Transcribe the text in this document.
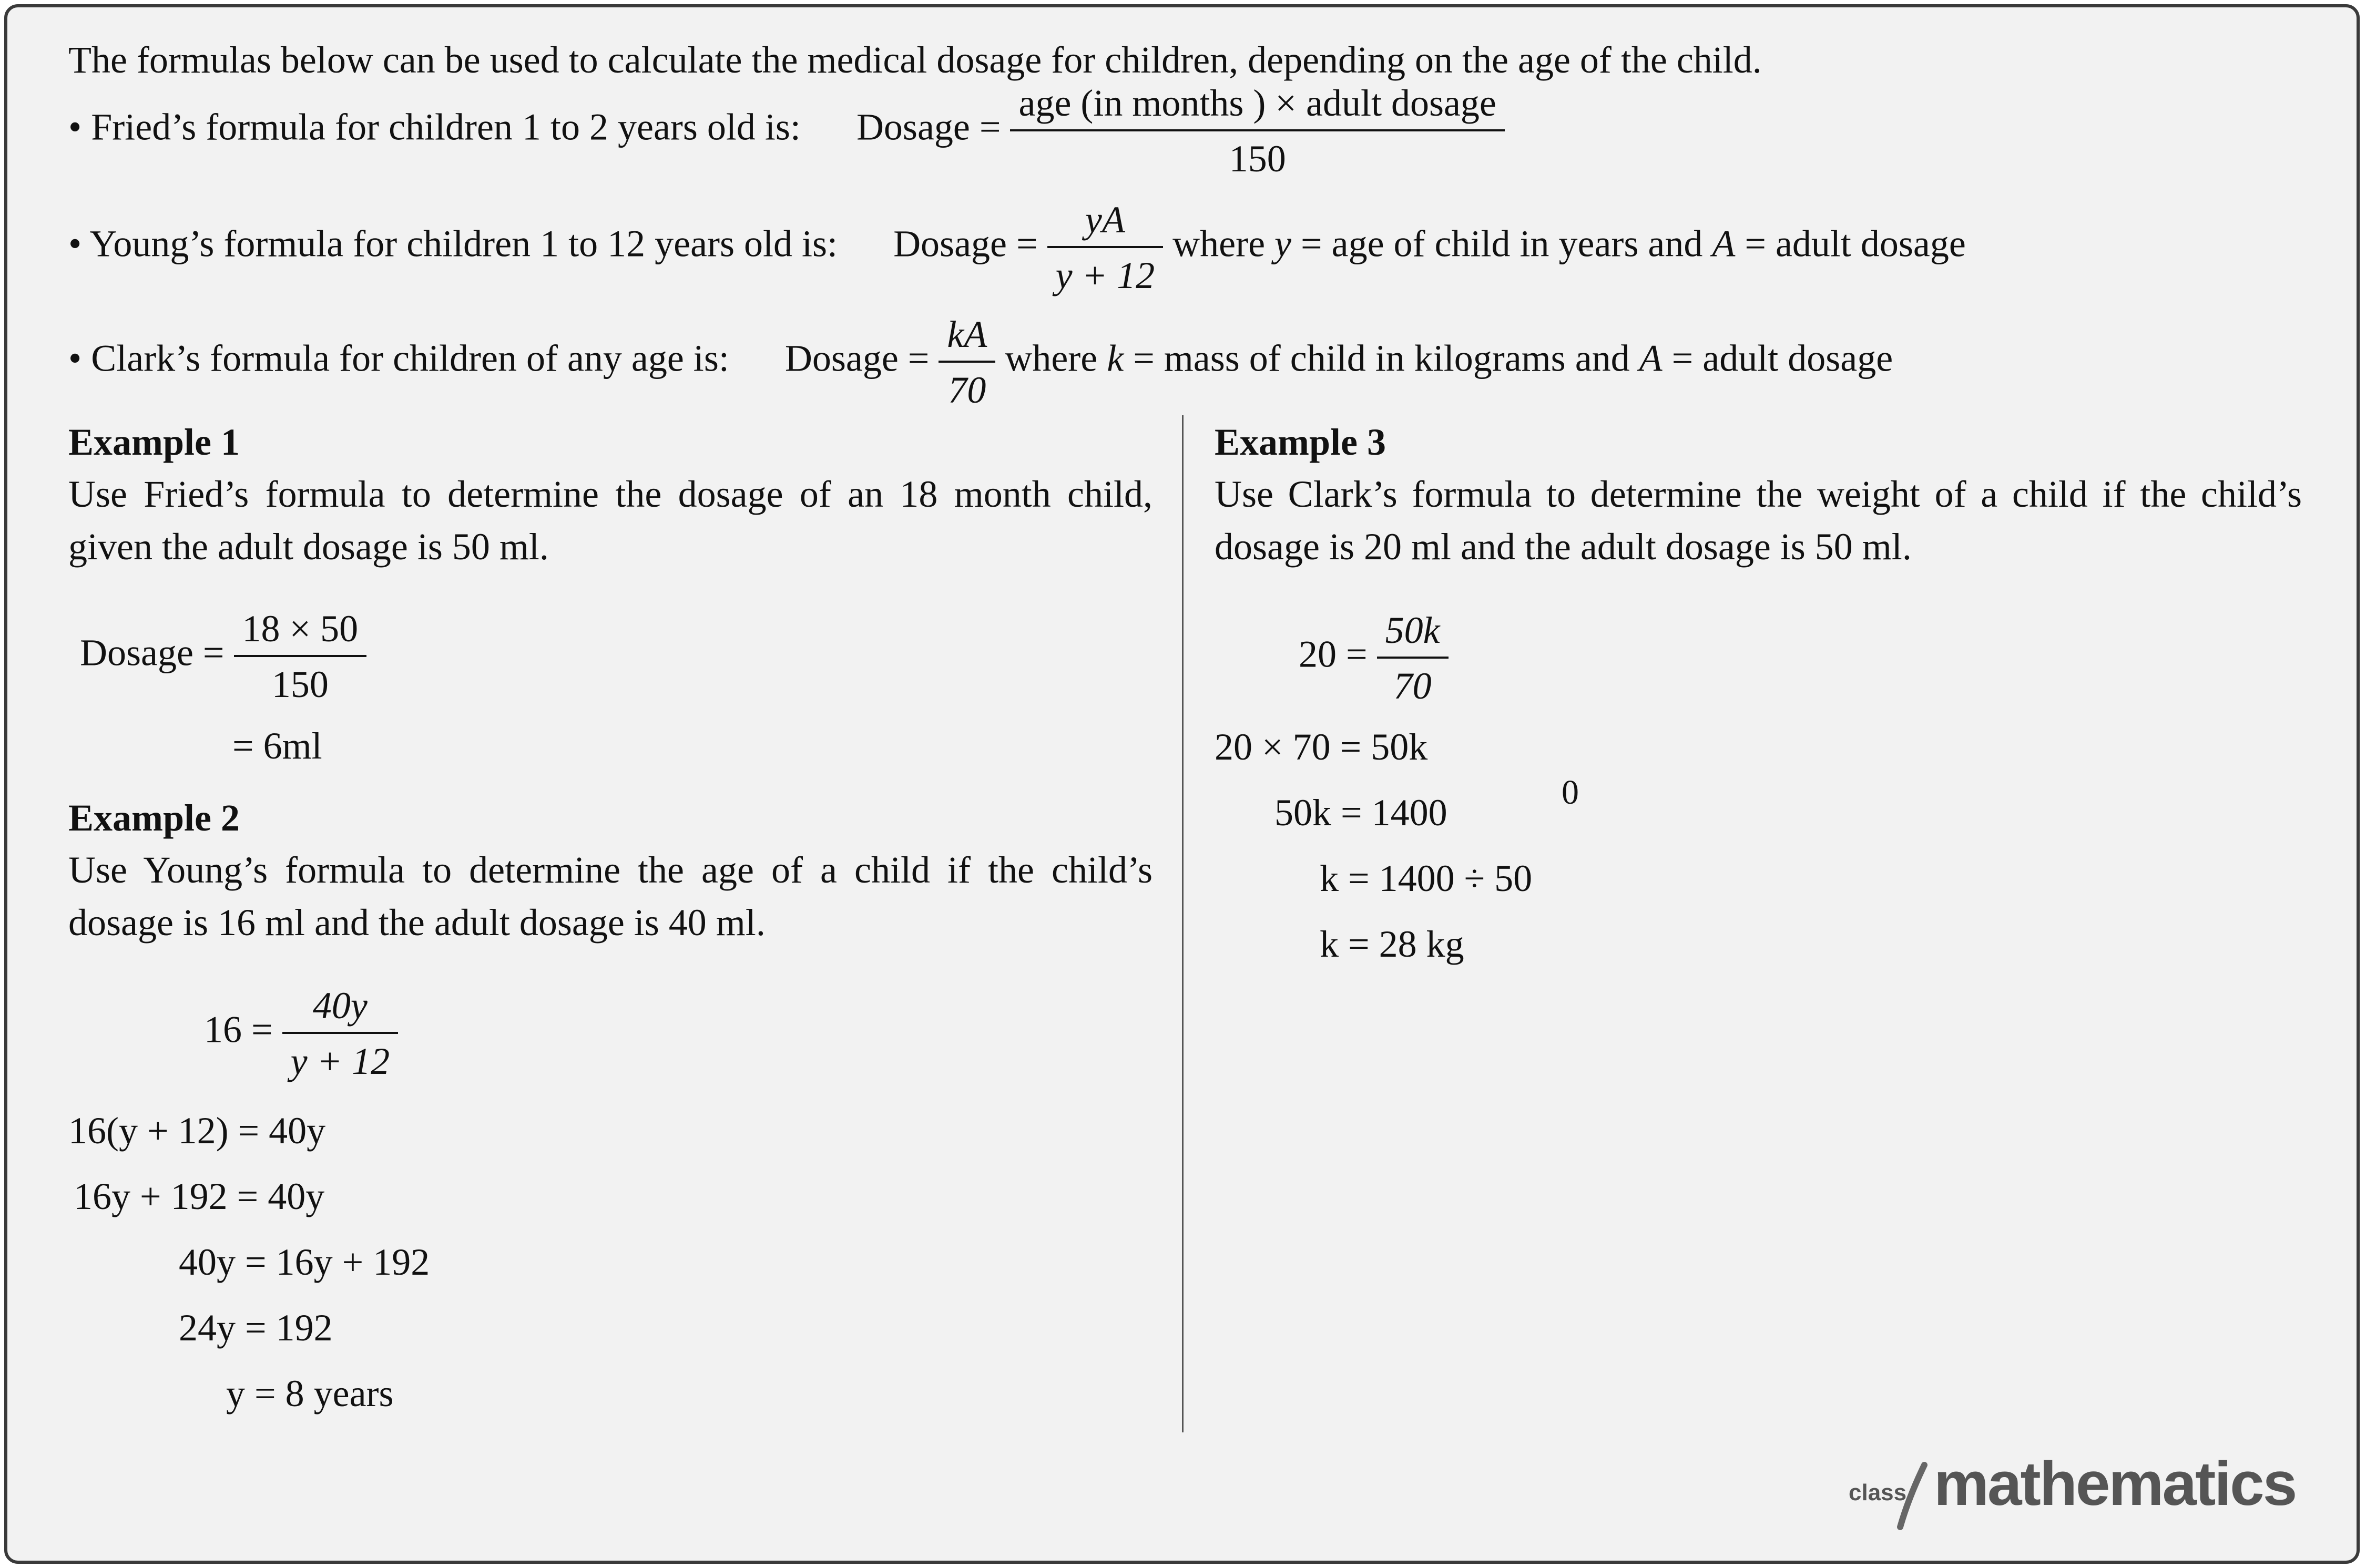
The formulas below can be used to calculate the medical dosage for children, depending on the age of the child.
• Fried’s formula for children 1 to 2 years old is: Dosage = $\frac{\text{age (in months ) × adult dosage}}{150}$
• Young’s formula for children 1 to 12 years old is: Dosage = $\frac{yA}{y + 12}$ where y = age of child in years and A = adult dosage
• Clark’s formula for children of any age is: Dosage = $\frac{kA}{70}$ where k = mass of child in kilograms and A = adult dosage
Example 1
Use Fried’s formula to determine the dosage of an 18 month child, given the adult dosage is 50 ml.
Dosage = $\frac{18 \times 50}{150}$
= 6ml
Example 2
Use Young’s formula to determine the age of a child if the child’s dosage is 16 ml and the adult dosage is 40 ml.
$16 = \frac{40y}{y + 12}$
16(y + 12) = 40y
16y + 192 = 40y
40y = 16y + 192
24y = 192
y = 8 years
Example 3
Use Clark’s formula to determine the weight of a child if the child’s dosage is 20 ml and the adult dosage is 50 ml.
$20 = \frac{50k}{70}$
20 × 70 = 50k
50k = 1400
k = 1400 ÷ 50
k = 28 kg
0
class mathematics
